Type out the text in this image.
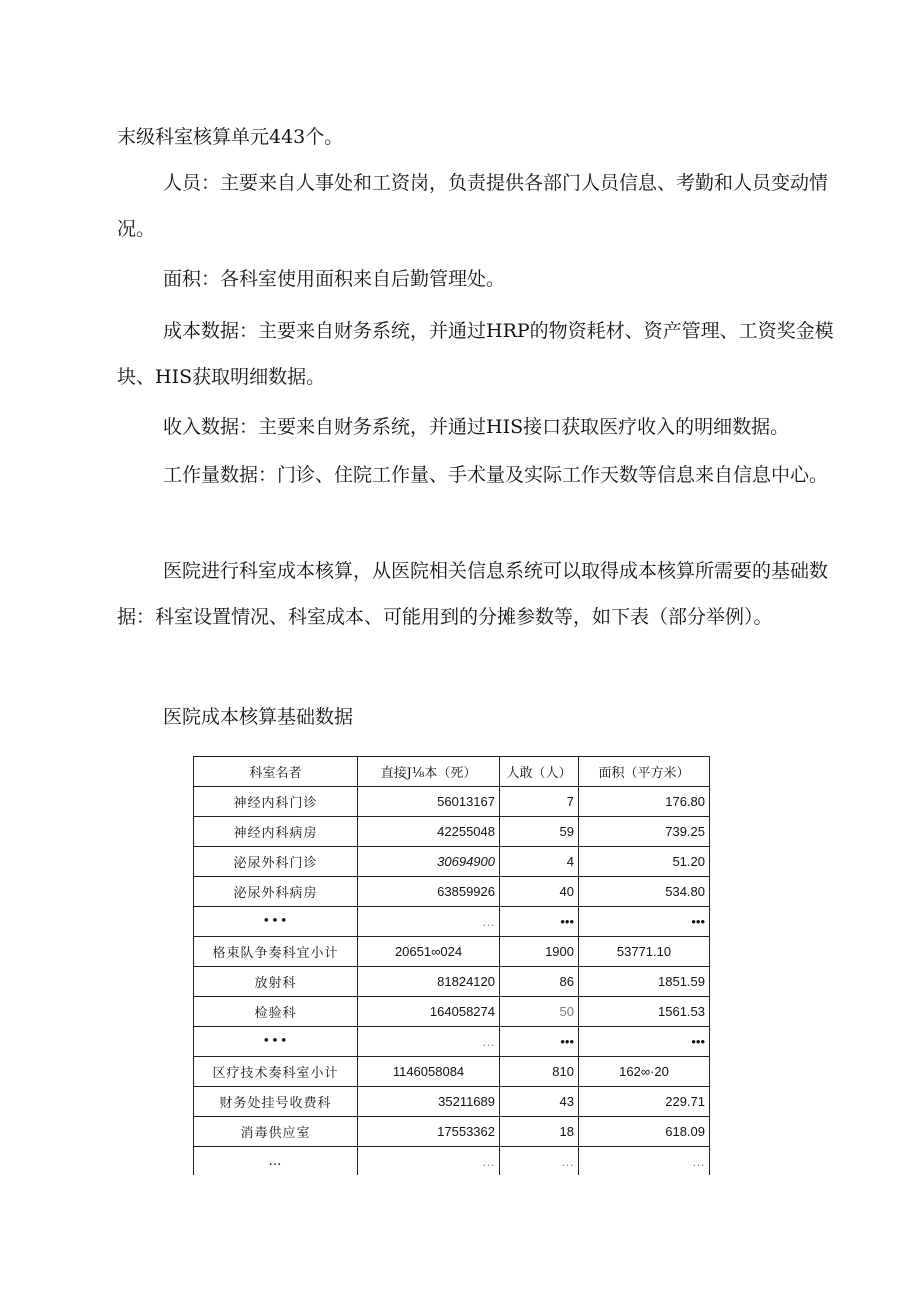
末级科室核算单元443个。

人员：主要来自人事处和工资岗，负责提供各部门人员信息、考勤和人员变动情况。

面积：各科室使用面积来自后勤管理处。

成本数据：主要来自财务系统，并通过HRP的物资耗材、资产管理、工资奖金模块、HIS获取明细数据。

收入数据：主要来自财务系统，并通过HIS接口获取医疗收入的明细数据。

工作量数据：门诊、住院工作量、手术量及实际工作天数等信息来自信息中心。

医院进行科室成本核算，从医院相关信息系统可以取得成本核算所需要的基础数据：科室设置情况、科室成本、可能用到的分摊参数等，如下表（部分举例）。

医院成本核算基础数据

科室名者	直接J⅛本（死）	人敢（人）	面积（平方米）
神经内科门诊	56013167	7	176.80
神经内科病房	42255048	59	739.25
泌尿外科门诊	30694900	4	51.20
泌尿外科病房	63859926	40	534.80
•••	…	•••	•••
格束队争奏科宜小计	20651∞024	1900	53771.10
放射科	81824120	86	1851.59
检验科	164058274	50	1561.53
•••	…	•••	•••
区疗技术奏科室小计	1146058084	810	162∞·20
财务处挂号收费科	35211689	43	229.71
消毒供应室	17553362	18	618.09
…	…	…	…
